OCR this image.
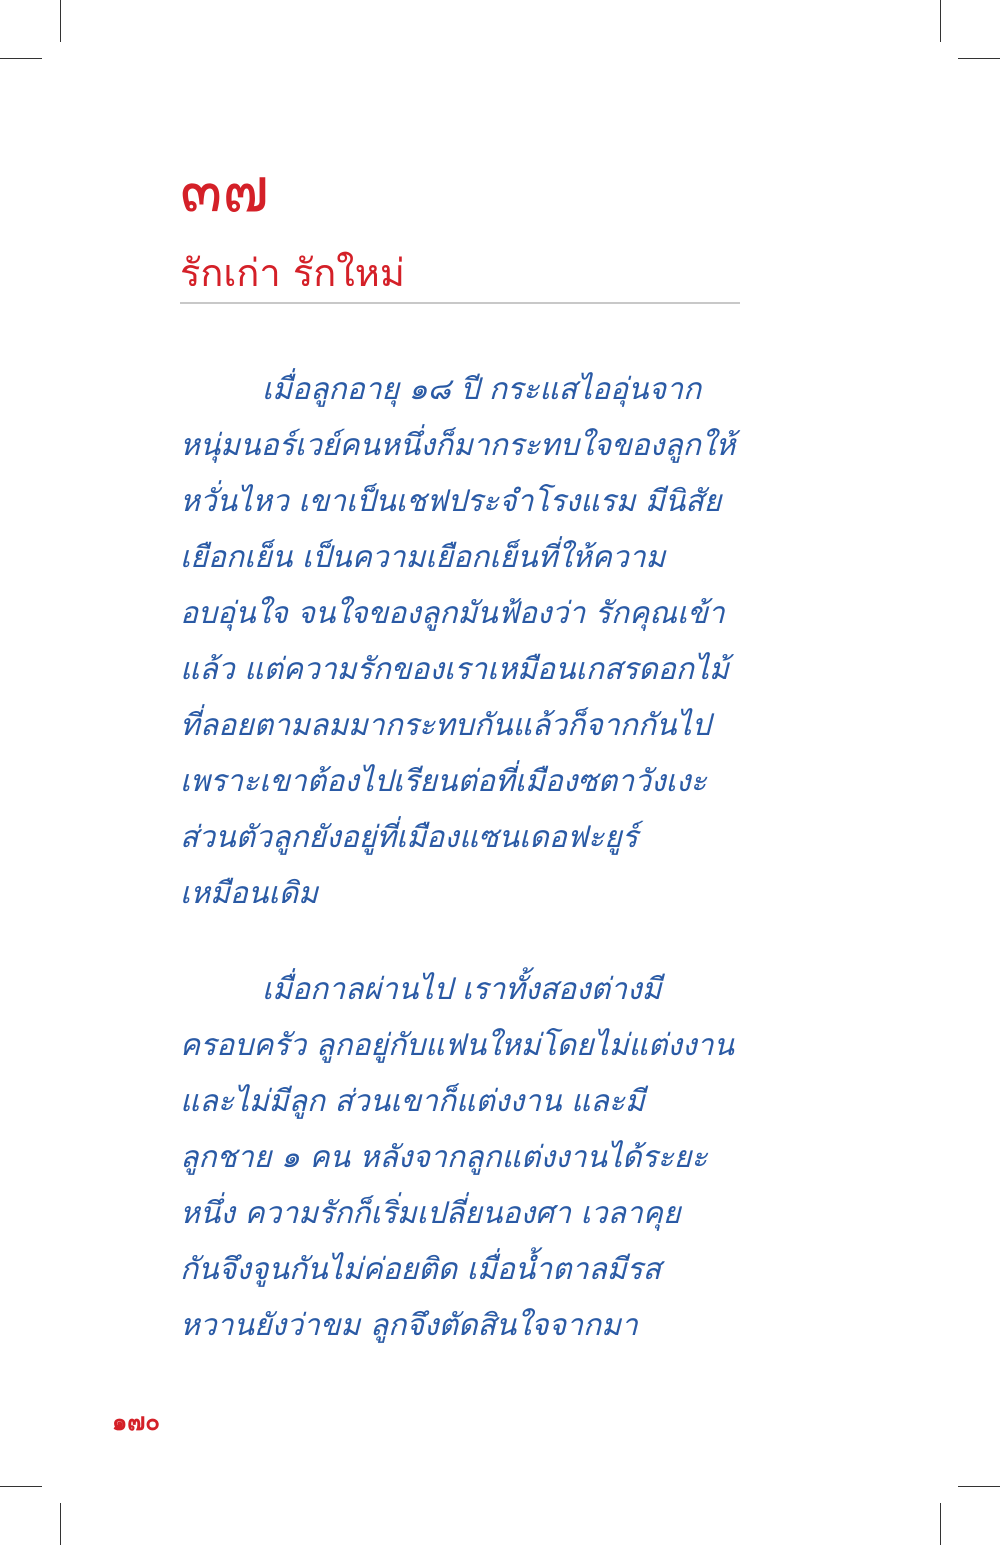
๓๗
รักเก่า รักใหม่
เมื่อลูกอายุ ๑๘ ปี กระแสไออุ่นจาก
หนุ่มนอร์เวย์คนหนึ่งก็มากระทบใจของลูกให้
หวั่นไหว เขาเป็นเชฟประจำโรงแรม มีนิสัย
เยือกเย็น เป็นความเยือกเย็นที่ให้ความ
อบอุ่นใจ จนใจของลูกมันฟ้องว่า รักคุณเข้า
แล้ว แต่ความรักของเราเหมือนเกสรดอกไม้
ที่ลอยตามลมมากระทบกันแล้วก็จากกันไป
เพราะเขาต้องไปเรียนต่อที่เมืองซตาวังเงะ
ส่วนตัวลูกยังอยู่ที่เมืองแซนเดอฟะยูร์
เหมือนเดิม
เมื่อกาลผ่านไป เราทั้งสองต่างมี
ครอบครัว ลูกอยู่กับแฟนใหม่โดยไม่แต่งงาน
และไม่มีลูก ส่วนเขาก็แต่งงาน และมี
ลูกชาย ๑ คน หลังจากลูกแต่งงานได้ระยะ
หนึ่ง ความรักก็เริ่มเปลี่ยนองศา เวลาคุย
กันจึงจูนกันไม่ค่อยติด เมื่อน้ำตาลมีรส
หวานยังว่าขม ลูกจึงตัดสินใจจากมา
๑๗๐
